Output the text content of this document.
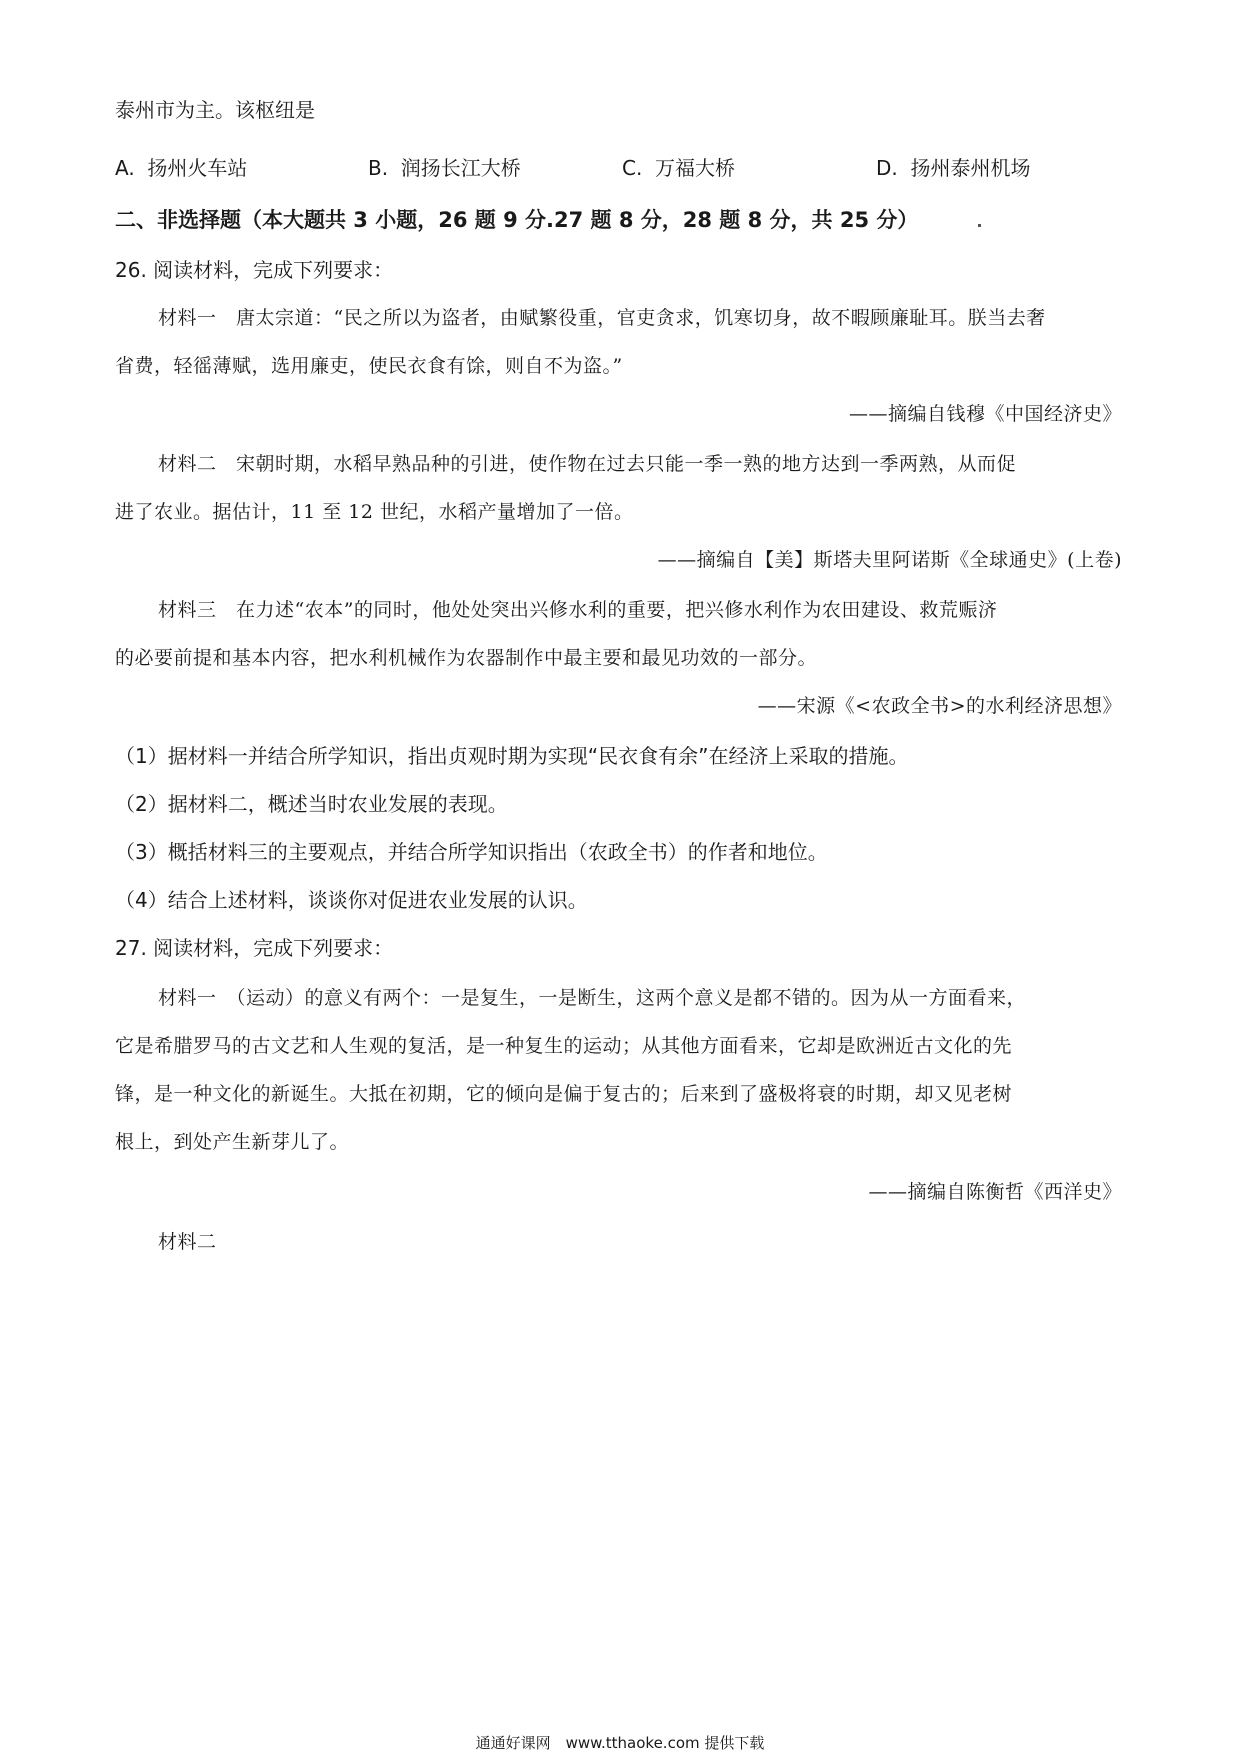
泰州市为主。该枢纽是
A. 扬州火车站	B. 润扬长江大桥	C. 万福大桥	D. 扬州泰州机场
二、非选择题（本大题共 3 小题，26 题 9 分.27 题 8 分，28 题 8 分，共 25 分）
26. 阅读材料，完成下列要求：
材料一　唐太宗道：“民之所以为盗者，由赋繁役重，官吏贪求，饥寒切身，故不暇顾廉耻耳。朕当去奢
省费，轻徭薄赋，选用廉吏，使民衣食有馀，则自不为盗。”
——摘编自钱穆《中国经济史》
材料二　宋朝时期，水稻早熟品种的引进，使作物在过去只能一季一熟的地方达到一季两熟，从而促
进了农业。据估计，11 至 12 世纪，水稻产量增加了一倍。
——摘编自【美】斯塔夫里阿诺斯《全球通史》(上卷)
材料三　在力述“农本”的同时，他处处突出兴修水利的重要，把兴修水利作为农田建设、救荒赈济
的必要前提和基本内容，把水利机械作为农器制作中最主要和最见功效的一部分。
——宋源《<农政全书>的水利经济思想》
（1）据材料一并结合所学知识，指出贞观时期为实现“民衣食有余”在经济上采取的措施。
（2）据材料二，概述当时农业发展的表现。
（3）概括材料三的主要观点，并结合所学知识指出（农政全书）的作者和地位。
（4）结合上述材料，谈谈你对促进农业发展的认识。
27. 阅读材料，完成下列要求：
材料一　（运动）的意义有两个：一是复生，一是断生，这两个意义是都不错的。因为从一方面看来，
它是希腊罗马的古文艺和人生观的复活，是一种复生的运动；从其他方面看来，它却是欧洲近古文化的先
锋，是一种文化的新诞生。大抵在初期，它的倾向是偏于复古的；后来到了盛极将衰的时期，却又见老树
根上，到处产生新芽儿了。
——摘编自陈衡哲《西洋史》
材料二
通通好课网　www.tthaoke.com 提供下载
